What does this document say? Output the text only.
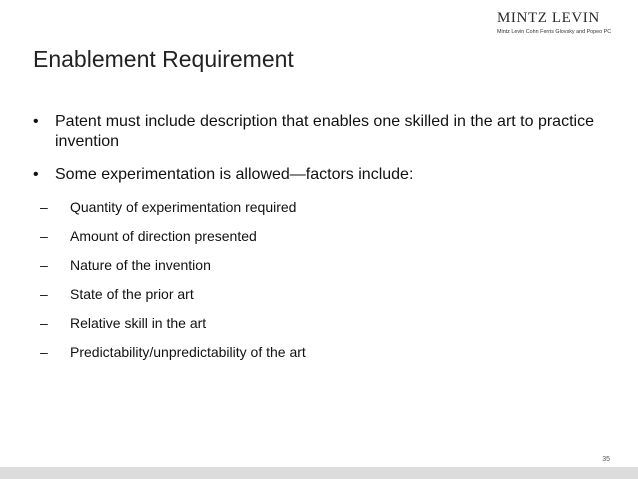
MINTZ LEVIN
Mintz Levin Cohn Ferris Glovsky and Popeo PC
Enablement Requirement
• Patent must include description that enables one skilled in the art to practice invention
• Some experimentation is allowed—factors include:
– Quantity of experimentation required
– Amount of direction presented
– Nature of the invention
– State of the prior art
– Relative skill in the art
– Predictability/unpredictability of the art
35
